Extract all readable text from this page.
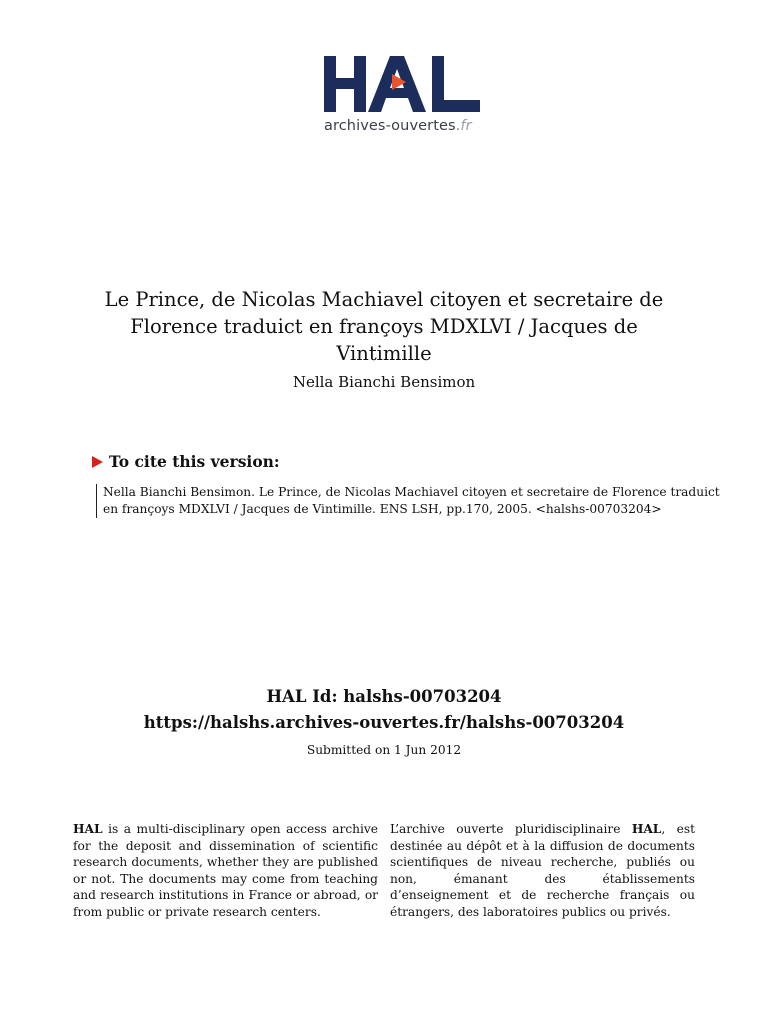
archives-ouvertes.fr
Le Prince, de Nicolas Machiavel citoyen et secretaire de
Florence traduict en françoys MDXLVI / Jacques de
Vintimille
Nella Bianchi Bensimon
To cite this version:
Nella Bianchi Bensimon. Le Prince, de Nicolas Machiavel citoyen et secretaire de Florence traduict
en françoys MDXLVI / Jacques de Vintimille. ENS LSH, pp.170, 2005. <halshs-00703204>
HAL Id: halshs-00703204
https://halshs.archives-ouvertes.fr/halshs-00703204
Submitted on 1 Jun 2012
HAL is a multi-disciplinary open access archive for the deposit and dissemination of scientific research documents, whether they are published or not. The documents may come from teaching and research institutions in France or abroad, or from public or private research centers.
L’archive ouverte pluridisciplinaire HAL, est destinée au dépôt et à la diffusion de documents scientifiques de niveau recherche, publiés ou non, émanant des établissements d’enseignement et de recherche français ou étrangers, des laboratoires publics ou privés.
